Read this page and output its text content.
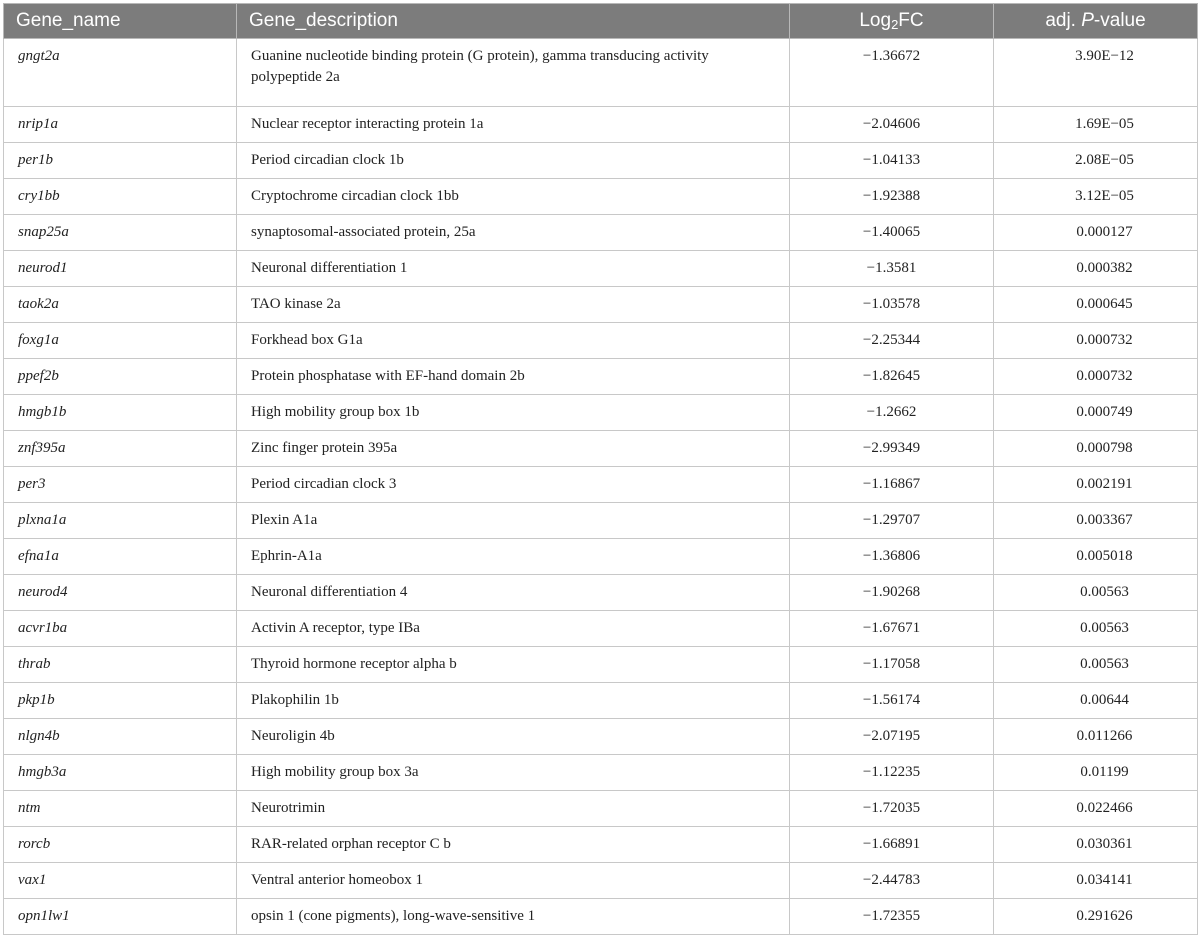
Gene_name	Gene_description	Log$_2$FC	adj. P-value
gngt2a	Guanine nucleotide binding protein (G protein), gamma transducing activity polypeptide 2a	−1.36672	3.90E−12
nrip1a	Nuclear receptor interacting protein 1a	−2.04606	1.69E−05
per1b	Period circadian clock 1b	−1.04133	2.08E−05
cry1bb	Cryptochrome circadian clock 1bb	−1.92388	3.12E−05
snap25a	synaptosomal-associated protein, 25a	−1.40065	0.000127
neurod1	Neuronal differentiation 1	−1.3581	0.000382
taok2a	TAO kinase 2a	−1.03578	0.000645
foxg1a	Forkhead box G1a	−2.25344	0.000732
ppef2b	Protein phosphatase with EF-hand domain 2b	−1.82645	0.000732
hmgb1b	High mobility group box 1b	−1.2662	0.000749
znf395a	Zinc finger protein 395a	−2.99349	0.000798
per3	Period circadian clock 3	−1.16867	0.002191
plxna1a	Plexin A1a	−1.29707	0.003367
efna1a	Ephrin-A1a	−1.36806	0.005018
neurod4	Neuronal differentiation 4	−1.90268	0.00563
acvr1ba	Activin A receptor, type IBa	−1.67671	0.00563
thrab	Thyroid hormone receptor alpha b	−1.17058	0.00563
pkp1b	Plakophilin 1b	−1.56174	0.00644
nlgn4b	Neuroligin 4b	−2.07195	0.011266
hmgb3a	High mobility group box 3a	−1.12235	0.01199
ntm	Neurotrimin	−1.72035	0.022466
rorcb	RAR-related orphan receptor C b	−1.66891	0.030361
vax1	Ventral anterior homeobox 1	−2.44783	0.034141
opn1lw1	opsin 1 (cone pigments), long-wave-sensitive 1	−1.72355	0.291626
